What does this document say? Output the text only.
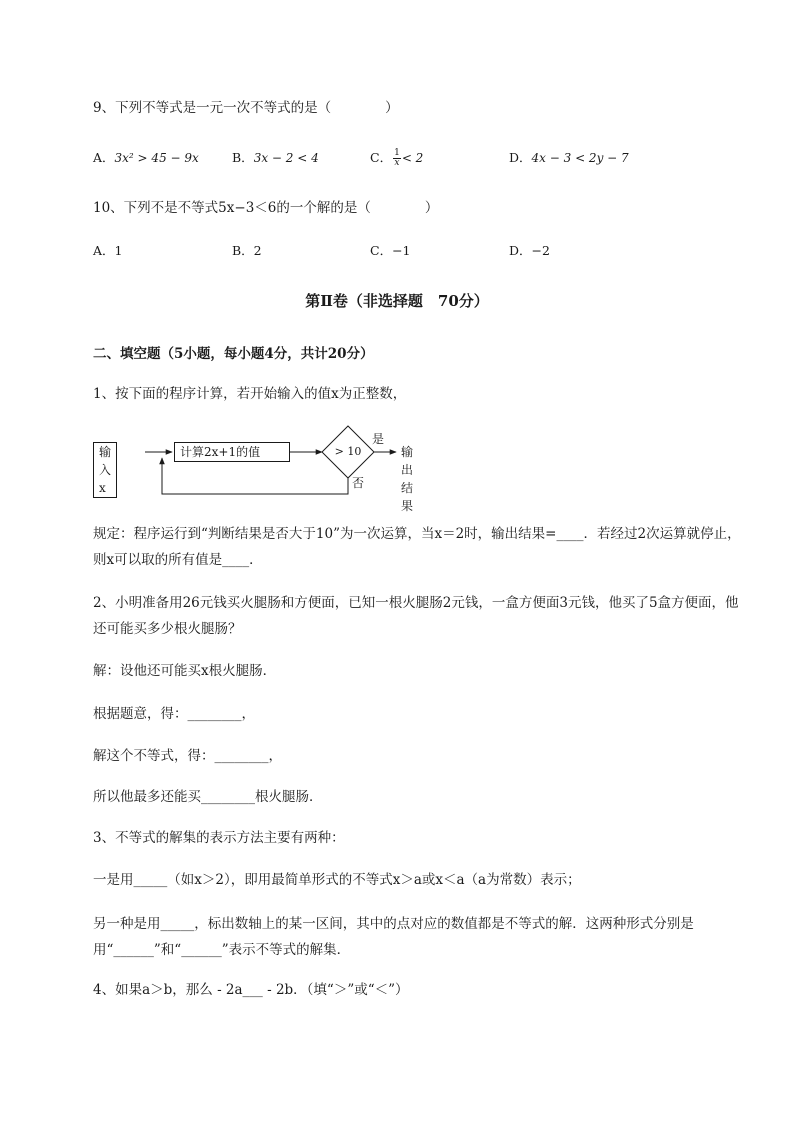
9、下列不等式是一元一次不等式的是（　　　　）
A．3x² > 45 − 9x	B．3x − 2 < 4	C． $\frac{1}{x} < 2$	D．4x − 3 < 2y − 7
10、下列不是不等式5x−3＜6的一个解的是（　　　　）
A．1	B．2	C．−1	D．−2
第Ⅱ卷（非选择题　70分）
二、填空题（5小题，每小题4分，共计20分）
1、按下面的程序计算，若开始输入的值x为正整数，
输入x
计算2x+1的值	> 10
是
否
输出结果
规定：程序运行到“判断结果是否大于10”为一次运算，当x＝2时，输出结果=____．若经过2次运算就停止，则x可以取的所有值是____．
2、小明准备用26元钱买火腿肠和方便面，已知一根火腿肠2元钱，一盒方便面3元钱，他买了5盒方便面，他还可能买多少根火腿肠？
解：设他还可能买x根火腿肠．
根据题意，得：________，
解这个不等式，得：________，
所以他最多还能买________根火腿肠．
3、不等式的解集的表示方法主要有两种：
一是用_____（如x＞2），即用最简单形式的不等式x＞a或x＜a（a为常数）表示；
另一种是用_____，标出数轴上的某一区间，其中的点对应的数值都是不等式的解．这两种形式分别是用“______”和“______”表示不等式的解集．
4、如果a＞b，那么 - 2a___ - 2b．（填“＞”或“＜”）
